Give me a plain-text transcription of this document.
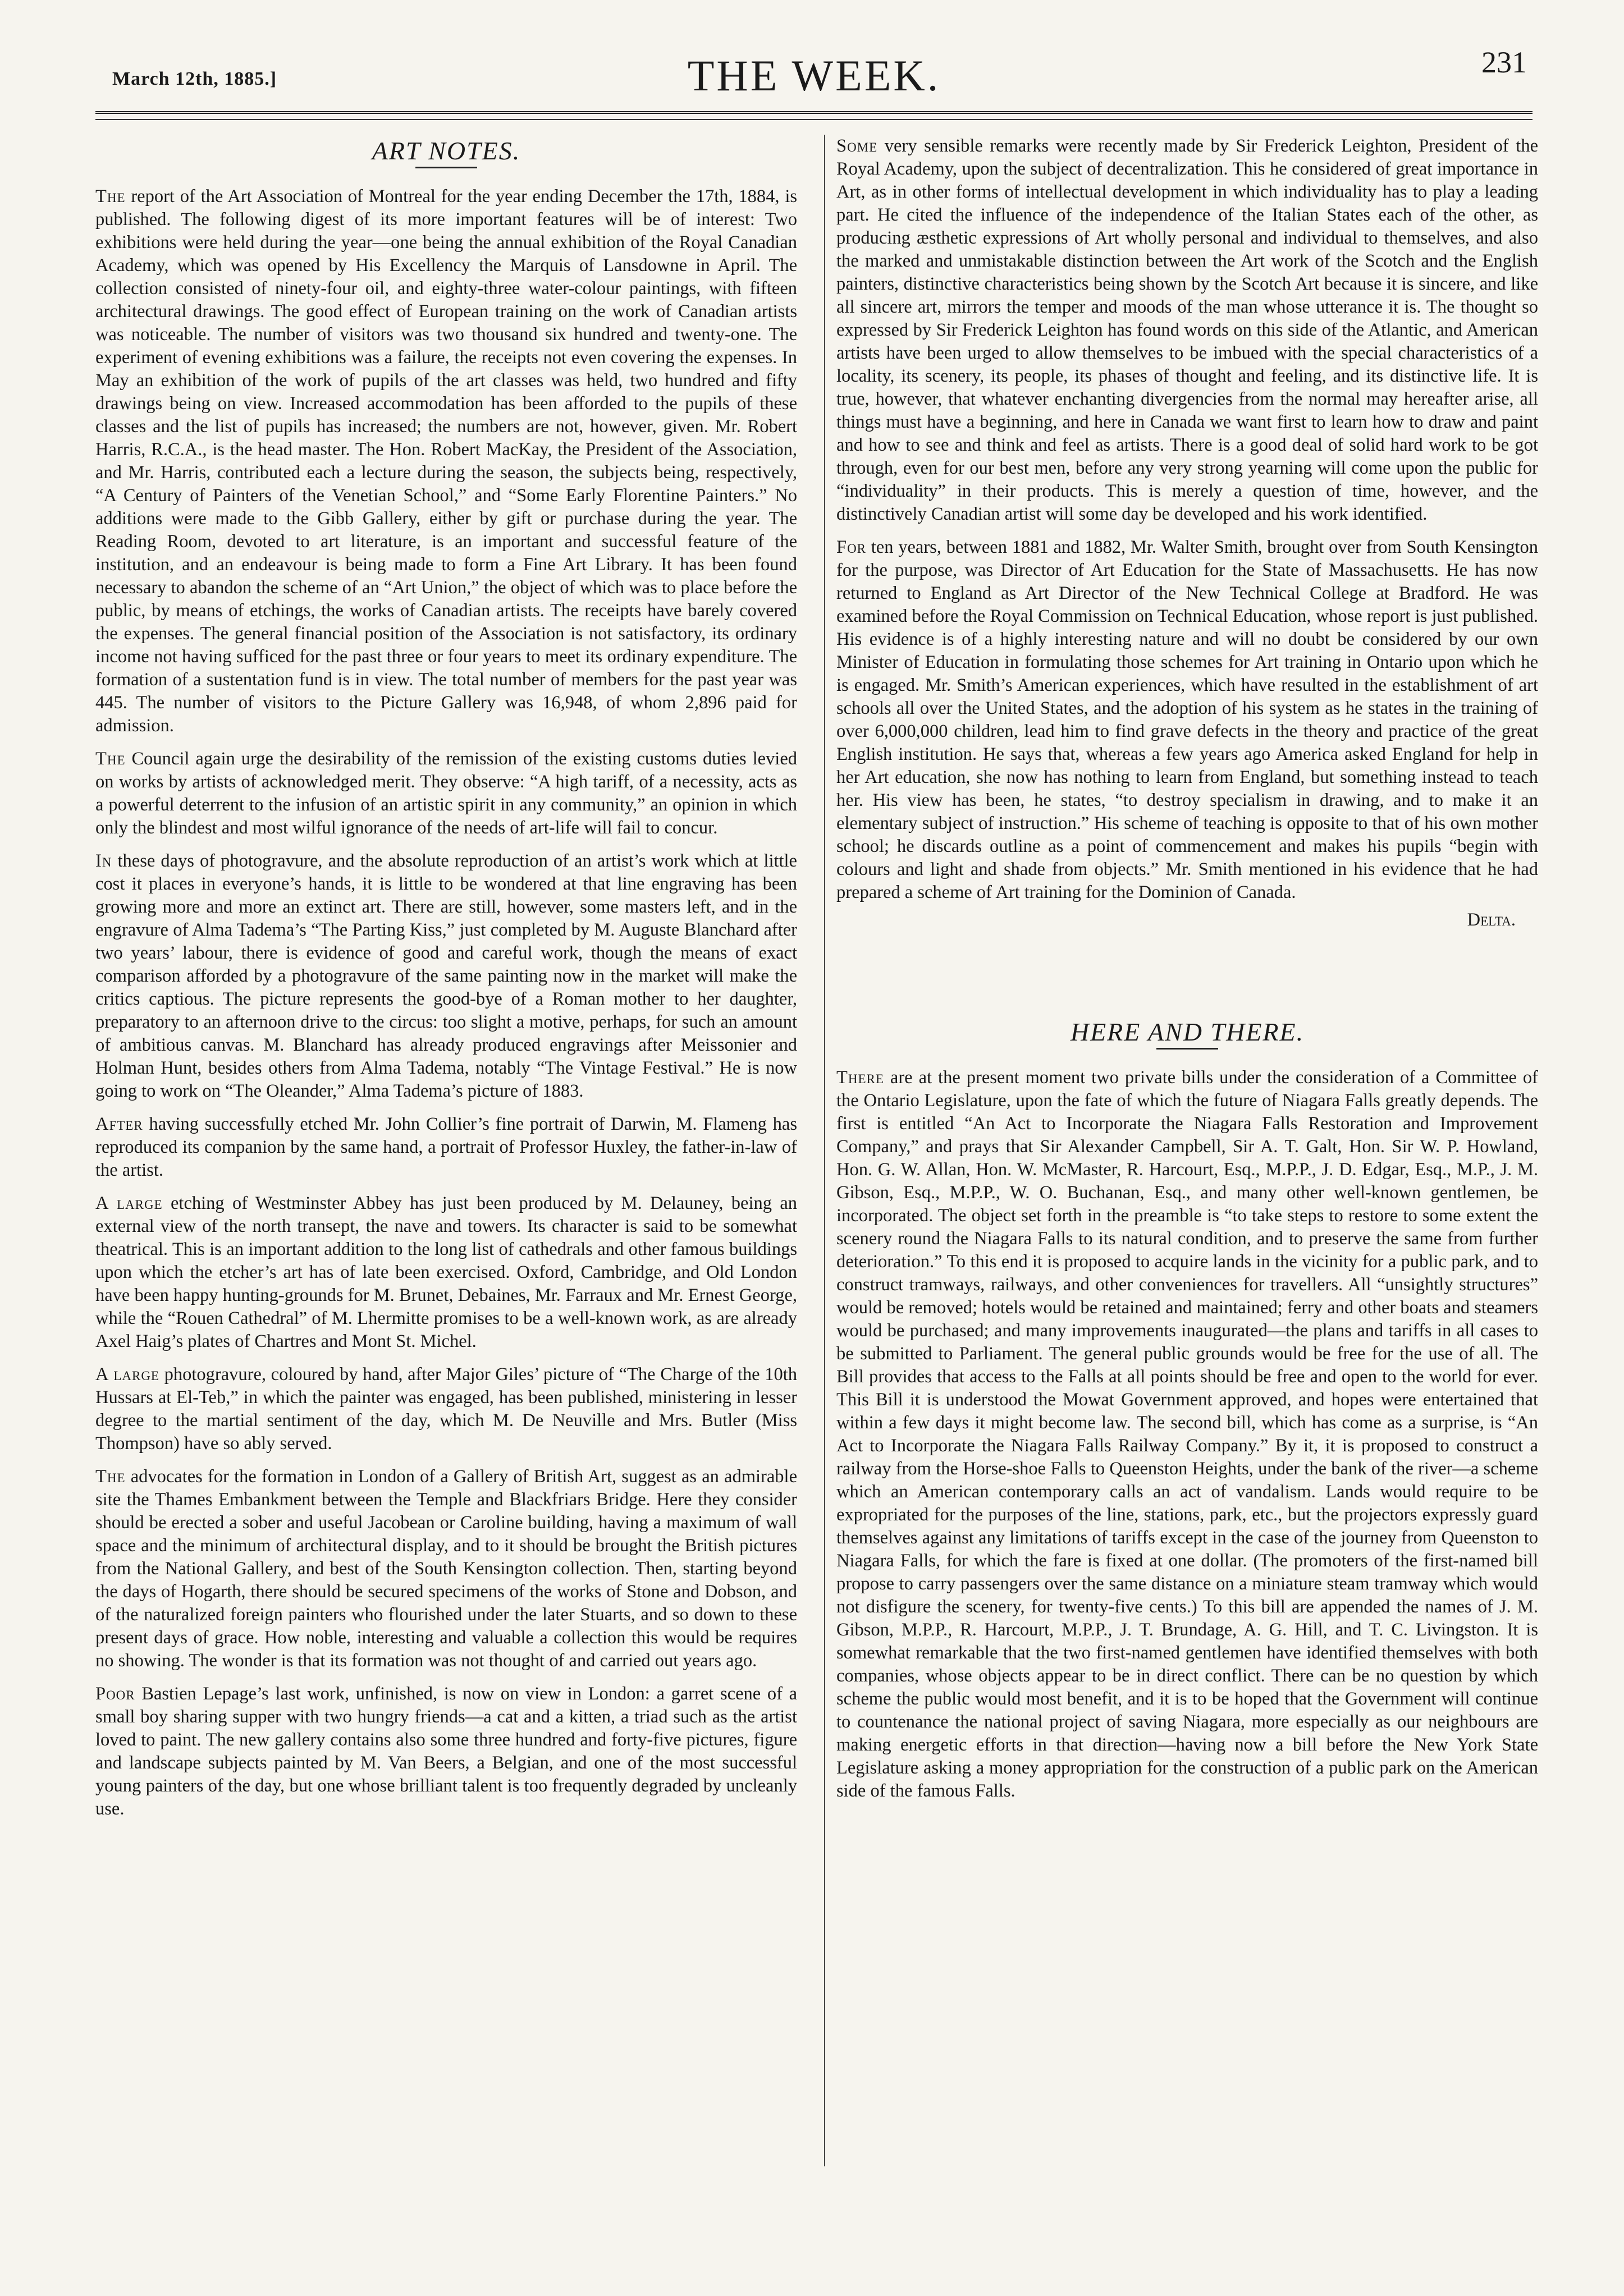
March 12th, 1885.]	THE WEEK.	231
ART NOTES.

The report of the Art Association of Montreal for the year ending December the 17th, 1884, is published. The following digest of its more important features will be of interest: Two exhibitions were held during the year—one being the annual exhibition of the Royal Canadian Academy, which was opened by His Excellency the Marquis of Lansdowne in April. The collection consisted of ninety-four oil, and eighty-three water-colour paintings, with fifteen architectural drawings. The good effect of European training on the work of Canadian artists was noticeable. The number of visitors was two thousand six hundred and twenty-one. The experiment of evening exhibitions was a failure, the receipts not even covering the expenses. In May an exhibition of the work of pupils of the art classes was held, two hundred and fifty drawings being on view. Increased accommodation has been afforded to the pupils of these classes and the list of pupils has increased; the numbers are not, however, given. Mr. Robert Harris, R.C.A., is the head master. The Hon. Robert MacKay, the President of the Association, and Mr. Harris, contributed each a lecture during the season, the subjects being, respectively, “A Century of Painters of the Venetian School,” and “Some Early Florentine Painters.” No additions were made to the Gibb Gallery, either by gift or purchase during the year. The Reading Room, devoted to art literature, is an important and successful feature of the institution, and an endeavour is being made to form a Fine Art Library. It has been found necessary to abandon the scheme of an “Art Union,” the object of which was to place before the public, by means of etchings, the works of Canadian artists. The receipts have barely covered the expenses. The general financial position of the Association is not satisfactory, its ordinary income not having sufficed for the past three or four years to meet its ordinary expenditure. The formation of a sustentation fund is in view. The total number of members for the past year was 445. The number of visitors to the Picture Gallery was 16,948, of whom 2,896 paid for admission.

The Council again urge the desirability of the remission of the existing customs duties levied on works by artists of acknowledged merit. They observe: “A high tariff, of a necessity, acts as a powerful deterrent to the infusion of an artistic spirit in any community,” an opinion in which only the blindest and most wilful ignorance of the needs of art-life will fail to concur.

In these days of photogravure, and the absolute reproduction of an artist’s work which at little cost it places in everyone’s hands, it is little to be wondered at that line engraving has been growing more and more an extinct art. There are still, however, some masters left, and in the engravure of Alma Tadema’s “The Parting Kiss,” just completed by M. Auguste Blanchard after two years’ labour, there is evidence of good and careful work, though the means of exact comparison afforded by a photogravure of the same painting now in the market will make the critics captious. The picture represents the good-bye of a Roman mother to her daughter, preparatory to an afternoon drive to the circus: too slight a motive, perhaps, for such an amount of ambitious canvas. M. Blanchard has already produced engravings after Meissonier and Holman Hunt, besides others from Alma Tadema, notably “The Vintage Festival.” He is now going to work on “The Oleander,” Alma Tadema’s picture of 1883.

After having successfully etched Mr. John Collier’s fine portrait of Darwin, M. Flameng has reproduced its companion by the same hand, a portrait of Professor Huxley, the father-in-law of the artist.

A large etching of Westminster Abbey has just been produced by M. Delauney, being an external view of the north transept, the nave and towers. Its character is said to be somewhat theatrical. This is an important addition to the long list of cathedrals and other famous buildings upon which the etcher’s art has of late been exercised. Oxford, Cambridge, and Old London have been happy hunting-grounds for M. Brunet, Debaines, Mr. Farraux and Mr. Ernest George, while the “Rouen Cathedral” of M. Lhermitte promises to be a well-known work, as are already Axel Haig’s plates of Chartres and Mont St. Michel.

A large photogravure, coloured by hand, after Major Giles’ picture of “The Charge of the 10th Hussars at El-Teb,” in which the painter was engaged, has been published, ministering in lesser degree to the martial sentiment of the day, which M. De Neuville and Mrs. Butler (Miss Thompson) have so ably served.

The advocates for the formation in London of a Gallery of British Art, suggest as an admirable site the Thames Embankment between the Temple and Blackfriars Bridge. Here they consider should be erected a sober and useful Jacobean or Caroline building, having a maximum of wall space and the minimum of architectural display, and to it should be brought the British pictures from the National Gallery, and best of the South Kensington collection. Then, starting beyond the days of Hogarth, there should be secured specimens of the works of Stone and Dobson, and of the naturalized foreign painters who flourished under the later Stuarts, and so down to these present days of grace. How noble, interesting and valuable a collection this would be requires no showing. The wonder is that its formation was not thought of and carried out years ago.

Poor Bastien Lepage’s last work, unfinished, is now on view in London: a garret scene of a small boy sharing supper with two hungry friends—a cat and a kitten, a triad such as the artist loved to paint. The new gallery contains also some three hundred and forty-five pictures, figure and landscape subjects painted by M. Van Beers, a Belgian, and one of the most successful young painters of the day, but one whose brilliant talent is too frequently degraded by uncleanly use.

Some very sensible remarks were recently made by Sir Frederick Leighton, President of the Royal Academy, upon the subject of decentralization. This he considered of great importance in Art, as in other forms of intellectual development in which individuality has to play a leading part. He cited the influence of the independence of the Italian States each of the other, as producing æsthetic expressions of Art wholly personal and individual to themselves, and also the marked and unmistakable distinction between the Art work of the Scotch and the English painters, distinctive characteristics being shown by the Scotch Art because it is sincere, and like all sincere art, mirrors the temper and moods of the man whose utterance it is. The thought so expressed by Sir Frederick Leighton has found words on this side of the Atlantic, and American artists have been urged to allow themselves to be imbued with the special characteristics of a locality, its scenery, its people, its phases of thought and feeling, and its distinctive life. It is true, however, that whatever enchanting divergencies from the normal may hereafter arise, all things must have a beginning, and here in Canada we want first to learn how to draw and paint and how to see and think and feel as artists. There is a good deal of solid hard work to be got through, even for our best men, before any very strong yearning will come upon the public for “individuality” in their products. This is merely a question of time, however, and the distinctively Canadian artist will some day be developed and his work identified.

For ten years, between 1881 and 1882, Mr. Walter Smith, brought over from South Kensington for the purpose, was Director of Art Education for the State of Massachusetts. He has now returned to England as Art Director of the New Technical College at Bradford. He was examined before the Royal Commission on Technical Education, whose report is just published. His evidence is of a highly interesting nature and will no doubt be considered by our own Minister of Education in formulating those schemes for Art training in Ontario upon which he is engaged. Mr. Smith’s American experiences, which have resulted in the establishment of art schools all over the United States, and the adoption of his system as he states in the training of over 6,000,000 children, lead him to find grave defects in the theory and practice of the great English institution. He says that, whereas a few years ago America asked England for help in her Art education, she now has nothing to learn from England, but something instead to teach her. His view has been, he states, “to destroy specialism in drawing, and to make it an elementary subject of instruction.” His scheme of teaching is opposite to that of his own mother school; he discards outline as a point of commencement and makes his pupils “begin with colours and light and shade from objects.” Mr. Smith mentioned in his evidence that he had prepared a scheme of Art training for the Dominion of Canada.

Delta.
HERE AND THERE.

There are at the present moment two private bills under the consideration of a Committee of the Ontario Legislature, upon the fate of which the future of Niagara Falls greatly depends. The first is entitled “An Act to Incorporate the Niagara Falls Restoration and Improvement Company,” and prays that Sir Alexander Campbell, Sir A. T. Galt, Hon. Sir W. P. Howland, Hon. G. W. Allan, Hon. W. McMaster, R. Harcourt, Esq., M.P.P., J. D. Edgar, Esq., M.P., J. M. Gibson, Esq., M.P.P., W. O. Buchanan, Esq., and many other well-known gentlemen, be incorporated. The object set forth in the preamble is “to take steps to restore to some extent the scenery round the Niagara Falls to its natural condition, and to preserve the same from further deterioration.” To this end it is proposed to acquire lands in the vicinity for a public park, and to construct tramways, railways, and other conveniences for travellers. All “unsightly structures” would be removed; hotels would be retained and maintained; ferry and other boats and steamers would be purchased; and many improvements inaugurated—the plans and tariffs in all cases to be submitted to Parliament. The general public grounds would be free for the use of all. The Bill provides that access to the Falls at all points should be free and open to the world for ever. This Bill it is understood the Mowat Government approved, and hopes were entertained that within a few days it might become law. The second bill, which has come as a surprise, is “An Act to Incorporate the Niagara Falls Railway Company.” By it, it is proposed to construct a railway from the Horse-shoe Falls to Queenston Heights, under the bank of the river—a scheme which an American contemporary calls an act of vandalism. Lands would require to be expropriated for the purposes of the line, stations, park, etc., but the projectors expressly guard themselves against any limitations of tariffs except in the case of the journey from Queenston to Niagara Falls, for which the fare is fixed at one dollar. (The promoters of the first-named bill propose to carry passengers over the same distance on a miniature steam tramway which would not disfigure the scenery, for twenty-five cents.) To this bill are appended the names of J. M. Gibson, M.P.P., R. Harcourt, M.P.P., J. T. Brundage, A. G. Hill, and T. C. Livingston. It is somewhat remarkable that the two first-named gentlemen have identified themselves with both companies, whose objects appear to be in direct conflict. There can be no question by which scheme the public would most benefit, and it is to be hoped that the Government will continue to countenance the national project of saving Niagara, more especially as our neighbours are making energetic efforts in that direction—having now a bill before the New York State Legislature asking a money appropriation for the construction of a public park on the American side of the famous Falls.
